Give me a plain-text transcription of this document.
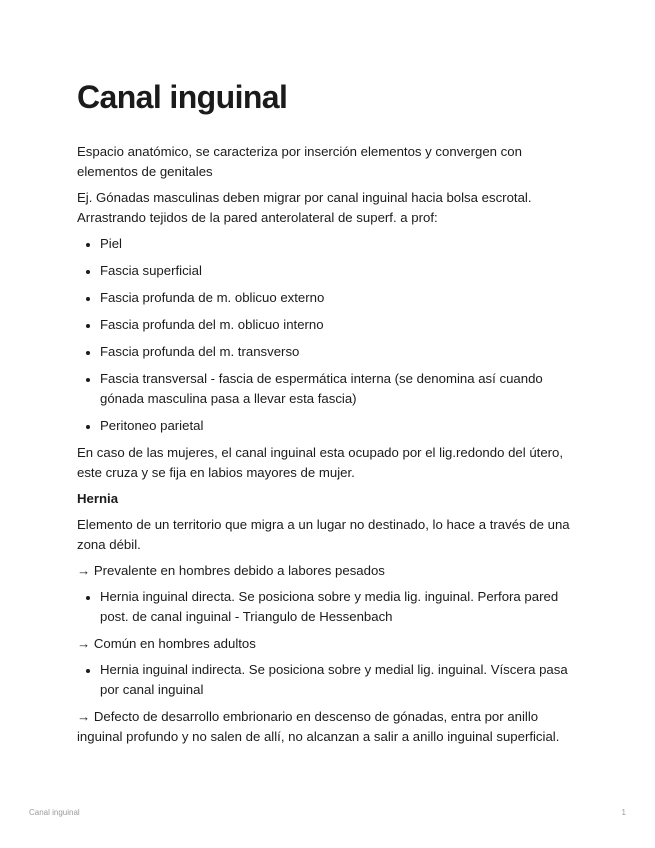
Canal inguinal

Espacio anatómico, se caracteriza por inserción elementos y convergen con elementos de genitales

Ej. Gónadas masculinas deben migrar por canal inguinal hacia bolsa escrotal. Arrastrando tejidos de la pared anterolateral de superf. a prof:

• Piel
• Fascia superficial
• Fascia profunda de m. oblicuo externo
• Fascia profunda del m. oblicuo interno
• Fascia profunda del m. transverso
• Fascia transversal - fascia de espermática interna (se denomina así cuando gónada masculina pasa a llevar esta fascia)
• Peritoneo parietal

En caso de las mujeres, el canal inguinal esta ocupado por el lig.redondo del útero, este cruza y se fija en labios mayores de mujer.

Hernia

Elemento de un territorio que migra a un lugar no destinado, lo hace a través de una zona débil.

→ Prevalente en hombres debido a labores pesados

• Hernia inguinal directa. Se posiciona sobre y media lig. inguinal. Perfora pared post. de canal inguinal - Triangulo de Hessenbach

→ Común en hombres adultos

• Hernia inguinal indirecta. Se posiciona sobre y medial lig. inguinal. Víscera pasa por canal inguinal

→ Defecto de desarrollo embrionario en descenso de gónadas, entra por anillo inguinal profundo y no salen de allí, no alcanzan a salir a anillo inguinal superficial.

Canal inguinal	1
